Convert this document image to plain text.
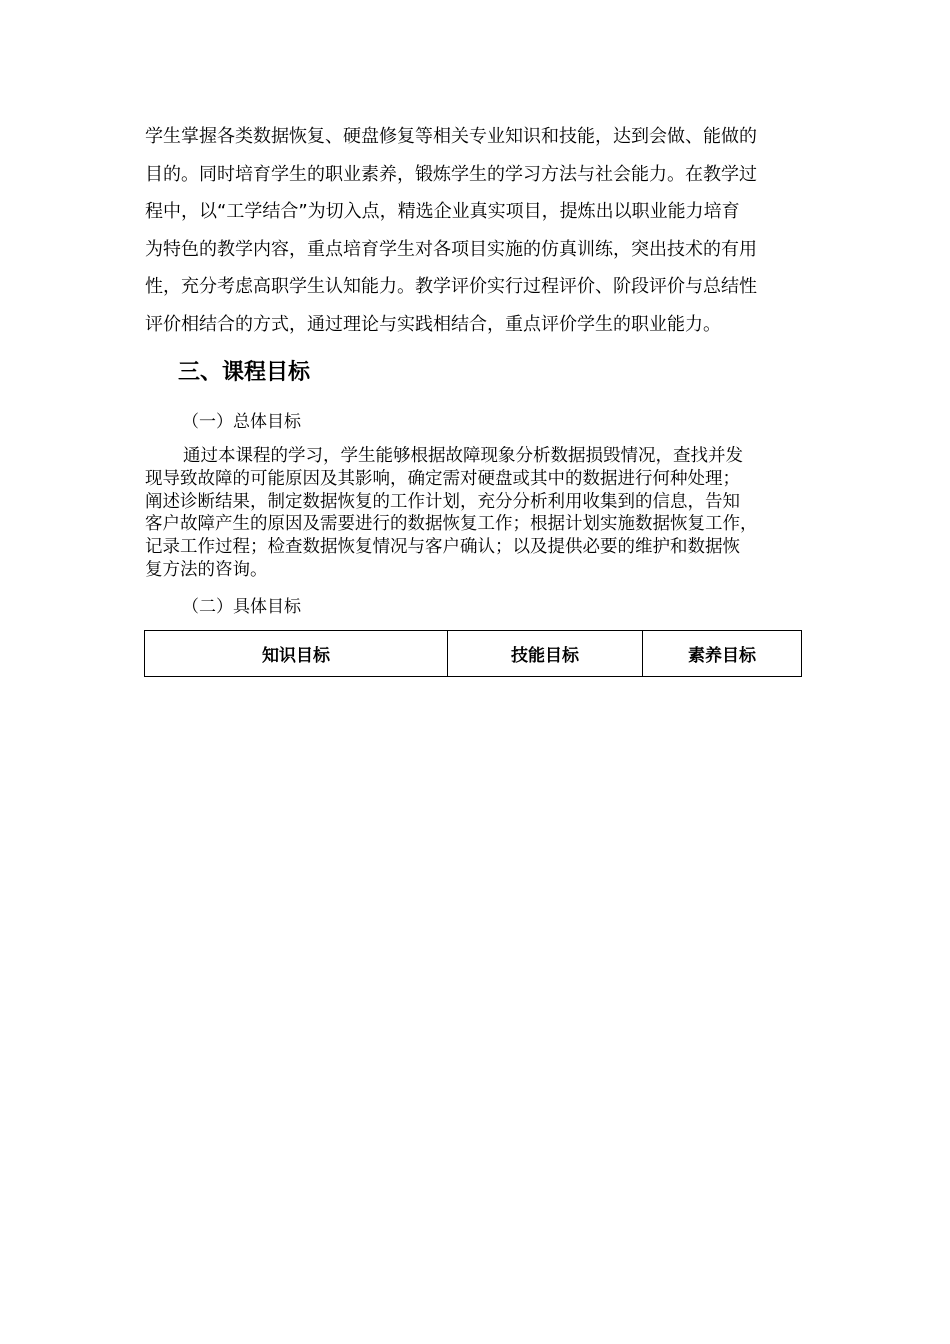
学生掌握各类数据恢复、硬盘修复等相关专业知识和技能，达到会做、能做的
目的。同时培育学生的职业素养，锻炼学生的学习方法与社会能力。在教学过
程中，以“工学结合”为切入点，精选企业真实项目，提炼出以职业能力培育
为特色的教学内容，重点培育学生对各项目实施的仿真训练，突出技术的有用
性，充分考虑高职学生认知能力。教学评价实行过程评价、阶段评价与总结性
评价相结合的方式，通过理论与实践相结合，重点评价学生的职业能力。
三、课程目标
（一）总体目标
通过本课程的学习，学生能够根据故障现象分析数据损毁情况，查找并发
现导致故障的可能原因及其影响，确定需对硬盘或其中的数据进行何种处理；
阐述诊断结果，制定数据恢复的工作计划，充分分析利用收集到的信息，告知
客户故障产生的原因及需要进行的数据恢复工作；根据计划实施数据恢复工作，
记录工作过程；检查数据恢复情况与客户确认；以及提供必要的维护和数据恢
复方法的咨询。
（二）具体目标
知识目标	技能目标	素养目标
